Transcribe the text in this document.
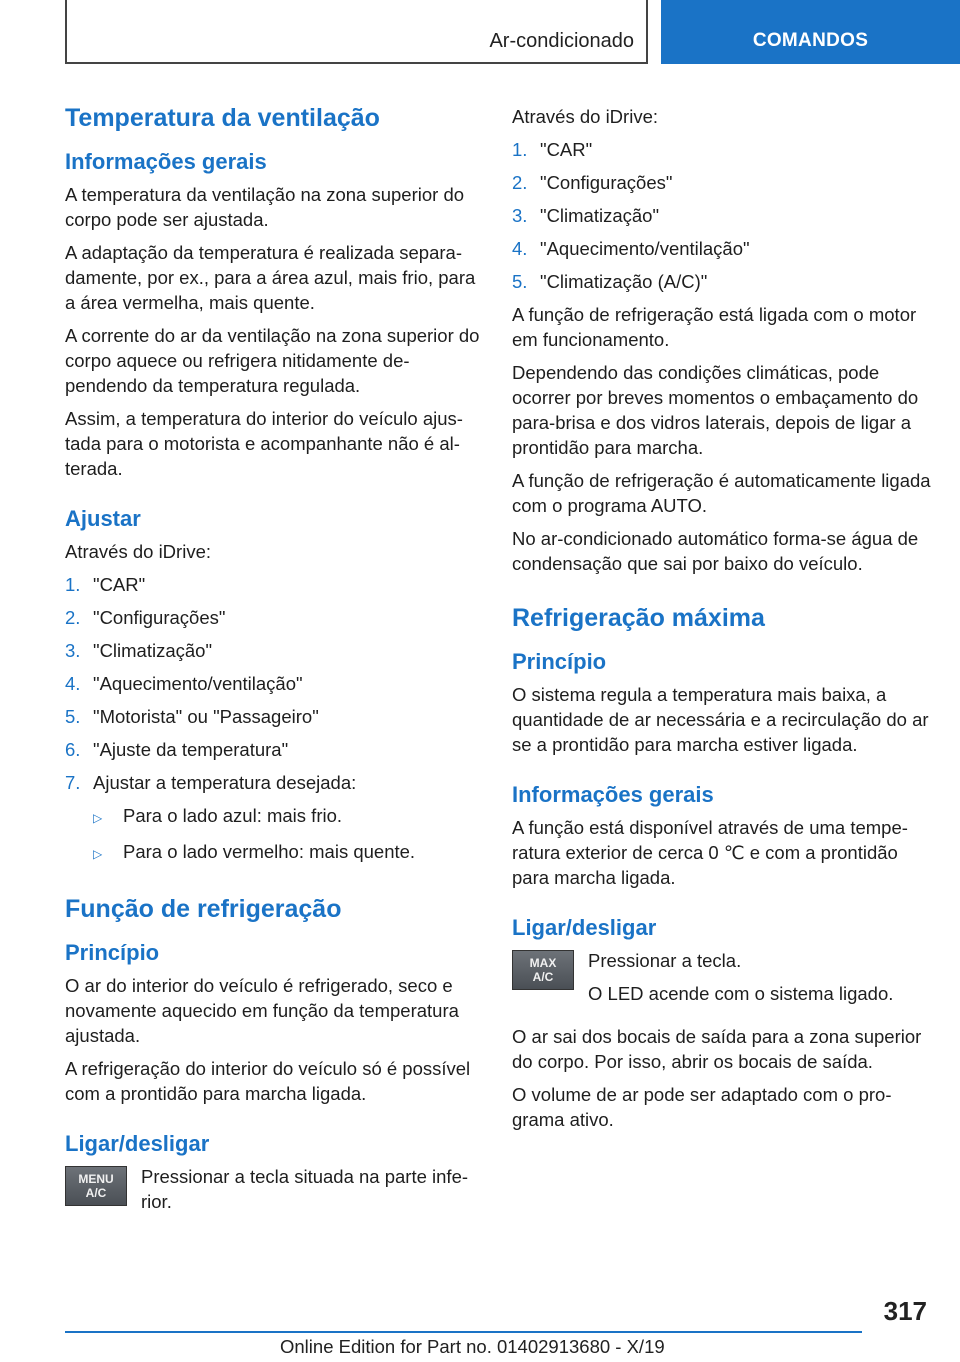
Ar-condicionado	COMANDOS
Temperatura da ventilação
Informações gerais

A temperatura da ventilação na zona superior do corpo pode ser ajustada.

A adaptação da temperatura é realizada separadamente, por ex., para a área azul, mais frio, para a área vermelha, mais quente.

A corrente do ar da ventilação na zona superior do corpo aquece ou refrigera nitidamente dependendo da temperatura regulada.

Assim, a temperatura do interior do veículo ajustada para o motorista e acompanhante não é alterada.

Ajustar

Através do iDrive:

1. "CAR"
2. "Configurações"
3. "Climatização"
4. "Aquecimento/ventilação"
5. "Motorista" ou "Passageiro"
6. "Ajuste da temperatura"
7. Ajustar a temperatura desejada:
▷	Para o lado azul: mais frio.
▷	Para o lado vermelho: mais quente.
Função de refrigeração
Princípio

O ar do interior do veículo é refrigerado, seco e novamente aquecido em função da temperatura ajustada.

A refrigeração do interior do veículo só é possível com a prontidão para marcha ligada.

Ligar/desligar
MENU
A/C

Pressionar a tecla situada na parte inferior.

Através do iDrive:

1. "CAR"
2. "Configurações"
3. "Climatização"
4. "Aquecimento/ventilação"
5. "Climatização (A/C)"

A função de refrigeração está ligada com o motor em funcionamento.

Dependendo das condições climáticas, pode ocorrer por breves momentos o embaçamento do para-brisa e dos vidros laterais, depois de ligar a prontidão para marcha.

A função de refrigeração é automaticamente ligada com o programa AUTO.

No ar-condicionado automático forma-se água de condensação que sai por baixo do veículo.

Refrigeração máxima
Princípio

O sistema regula a temperatura mais baixa, a quantidade de ar necessária e a recirculação do ar se a prontidão para marcha estiver ligada.

Informações gerais

A função está disponível através de uma temperatura exterior de cerca 0 ℃ e com a prontidão para marcha ligada.

Ligar/desligar
MAX
A/C

Pressionar a tecla.

O LED acende com o sistema ligado.

O ar sai dos bocais de saída para a zona superior do corpo. Por isso, abrir os bocais de saída.

O volume de ar pode ser adaptado com o programa ativo.

317
Online Edition for Part no. 01402913680 - X/19
